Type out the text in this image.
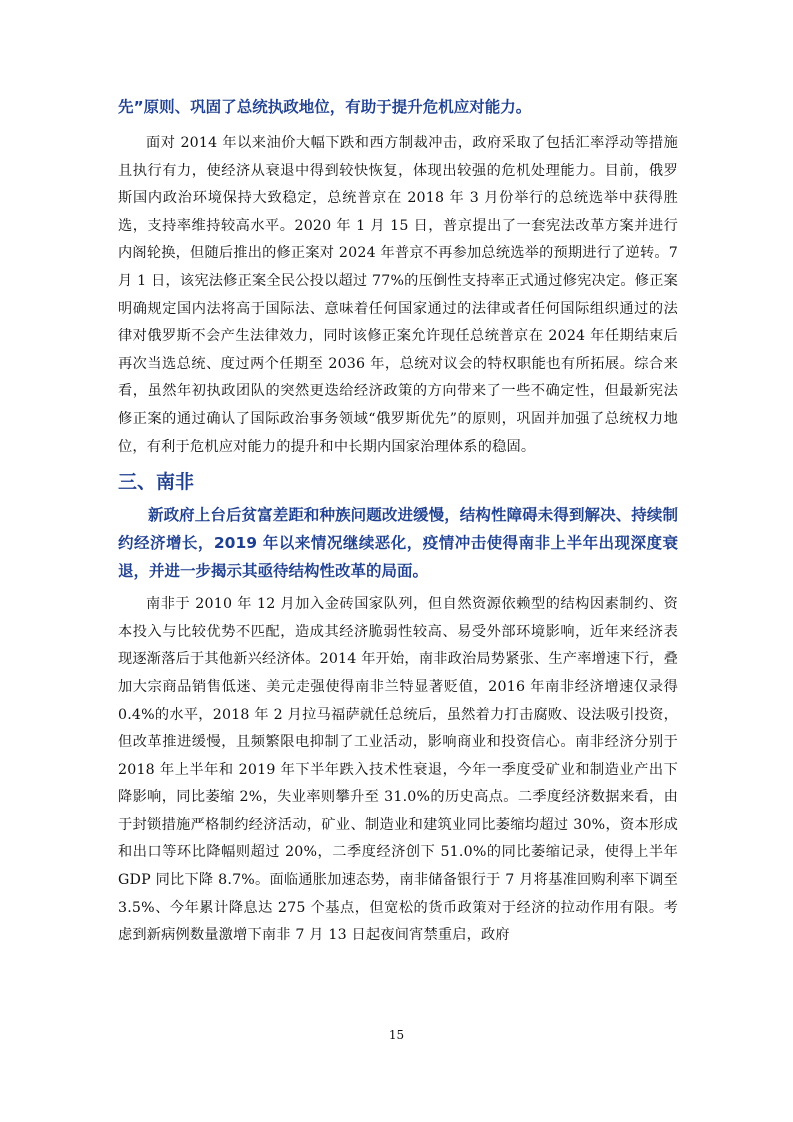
先”原则、巩固了总统执政地位，有助于提升危机应对能力。

面对 2014 年以来油价大幅下跌和西方制裁冲击，政府采取了包括汇率浮动等措施且执行有力，使经济从衰退中得到较快恢复，体现出较强的危机处理能力。目前，俄罗斯国内政治环境保持大致稳定，总统普京在 2018 年 3 月份举行的总统选举中获得胜选，支持率维持较高水平。2020 年 1 月 15 日，普京提出了一套宪法改革方案并进行内阁轮换，但随后推出的修正案对 2024 年普京不再参加总统选举的预期进行了逆转。7 月 1 日，该宪法修正案全民公投以超过 77%的压倒性支持率正式通过修宪决定。修正案明确规定国内法将高于国际法、意味着任何国家通过的法律或者任何国际组织通过的法律对俄罗斯不会产生法律效力，同时该修正案允许现任总统普京在 2024 年任期结束后再次当选总统、度过两个任期至 2036 年，总统对议会的特权职能也有所拓展。综合来看，虽然年初执政团队的突然更迭给经济政策的方向带来了一些不确定性，但最新宪法修正案的通过确认了国际政治事务领域“俄罗斯优先”的原则，巩固并加强了总统权力地位，有利于危机应对能力的提升和中长期内国家治理体系的稳固。

三、南非

新政府上台后贫富差距和种族问题改进缓慢，结构性障碍未得到解决、持续制约经济增长，2019 年以来情况继续恶化，疫情冲击使得南非上半年出现深度衰退，并进一步揭示其亟待结构性改革的局面。

南非于 2010 年 12 月加入金砖国家队列，但自然资源依赖型的结构因素制约、资本投入与比较优势不匹配，造成其经济脆弱性较高、易受外部环境影响，近年来经济表现逐渐落后于其他新兴经济体。2014 年开始，南非政治局势紧张、生产率增速下行，叠加大宗商品销售低迷、美元走强使得南非兰特显著贬值，2016 年南非经济增速仅录得 0.4%的水平，2018 年 2 月拉马福萨就任总统后，虽然着力打击腐败、设法吸引投资，但改革推进缓慢，且频繁限电抑制了工业活动，影响商业和投资信心。南非经济分别于 2018 年上半年和 2019 年下半年跌入技术性衰退，今年一季度受矿业和制造业产出下降影响，同比萎缩 2%，失业率则攀升至 31.0%的历史高点。二季度经济数据来看，由于封锁措施严格制约经济活动，矿业、制造业和建筑业同比萎缩均超过 30%，资本形成和出口等环比降幅则超过 20%，二季度经济创下 51.0%的同比萎缩记录，使得上半年 GDP 同比下降 8.7%。面临通胀加速态势，南非储备银行于 7 月将基准回购利率下调至 3.5%、今年累计降息达 275 个基点，但宽松的货币政策对于经济的拉动作用有限。考虑到新病例数量激增下南非 7 月 13 日起夜间宵禁重启，政府

15
